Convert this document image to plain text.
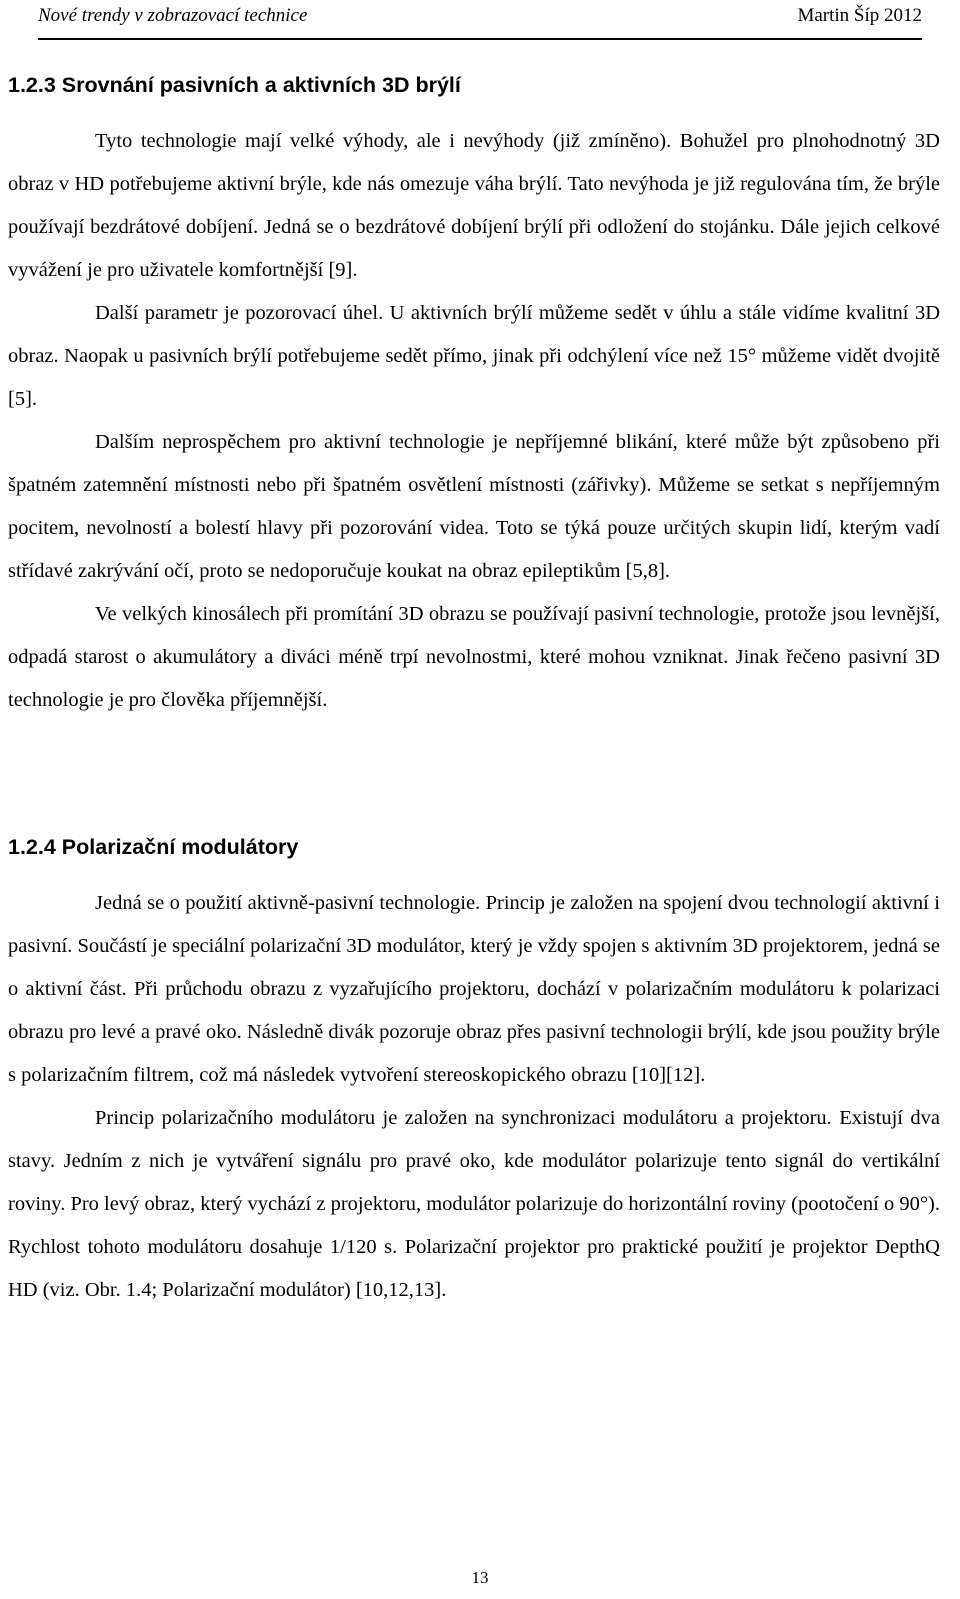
Nové trendy v zobrazovací technice	Martin Šíp 2012
1.2.3 Srovnání pasivních a aktivních 3D brýlí

Tyto technologie mají velké výhody, ale i nevýhody (již zmíněno). Bohužel pro plnohodnotný 3D obraz v HD potřebujeme aktivní brýle, kde nás omezuje váha brýlí. Tato nevýhoda je již regulována tím, že brýle používají bezdrátové dobíjení. Jedná se o bezdrátové dobíjení brýlí při odložení do stojánku. Dále jejich celkové vyvážení je pro uživatele komfortnější [9].

Další parametr je pozorovací úhel. U aktivních brýlí můžeme sedět v úhlu a stále vidíme kvalitní 3D obraz. Naopak u pasivních brýlí potřebujeme sedět přímo, jinak při odchýlení více než 15° můžeme vidět dvojitě [5].

Dalším neprospěchem pro aktivní technologie je nepříjemné blikání, které může být způsobeno při špatném zatemnění místnosti nebo při špatném osvětlení místnosti (zářivky). Můžeme se setkat s nepříjemným pocitem, nevolností a bolestí hlavy při pozorování videa. Toto se týká pouze určitých skupin lidí, kterým vadí střídavé zakrývání očí, proto se nedoporučuje koukat na obraz epileptikům [5,8].

Ve velkých kinosálech při promítání 3D obrazu se používají pasivní technologie, protože jsou levnější, odpadá starost o akumulátory a diváci méně trpí nevolnostmi, které mohou vzniknat. Jinak řečeno pasivní 3D technologie je pro člověka příjemnější.

1.2.4 Polarizační modulátory

Jedná se o použití aktivně-pasivní technologie. Princip je založen na spojení dvou technologií aktivní i pasivní. Součástí je speciální polarizační 3D modulátor, který je vždy spojen s aktivním 3D projektorem, jedná se o aktivní část. Při průchodu obrazu z vyzařujícího projektoru, dochází v polarizačním modulátoru k polarizaci obrazu pro levé a pravé oko. Následně divák pozoruje obraz přes pasivní technologii brýlí, kde jsou použity brýle s polarizačním filtrem, což má následek vytvoření stereoskopického obrazu [10][12].

Princip polarizačního modulátoru je založen na synchronizaci modulátoru a projektoru. Existují dva stavy. Jedním z nich je vytváření signálu pro pravé oko, kde modulátor polarizuje tento signál do vertikální roviny. Pro levý obraz, který vychází z projektoru, modulátor polarizuje do horizontální roviny (pootočení o 90°). Rychlost tohoto modulátoru dosahuje 1/120 s. Polarizační projektor pro praktické použití je projektor DepthQ HD (viz. Obr. 1.4; Polarizační modulátor) [10,12,13].

13
